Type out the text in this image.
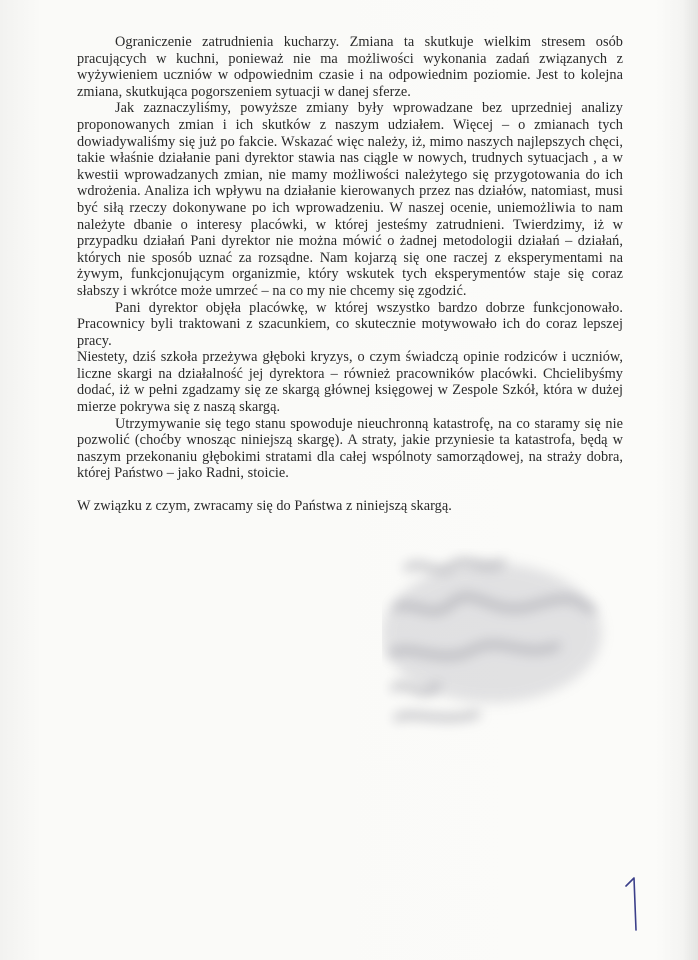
Ograniczenie zatrudnienia kucharzy. Zmiana ta skutkuje wielkim stresem osób pracujących w kuchni, ponieważ nie ma możliwości wykonania zadań związanych z wyżywieniem uczniów w odpowiednim czasie i na odpowiednim poziomie. Jest to kolejna zmiana, skutkująca pogorszeniem sytuacji w danej sferze.

Jak zaznaczyliśmy, powyższe zmiany były wprowadzane bez uprzedniej analizy proponowanych zmian i ich skutków z naszym udziałem. Więcej – o zmianach tych dowiadywaliśmy się już po fakcie. Wskazać więc należy, iż, mimo naszych najlepszych chęci, takie właśnie działanie pani dyrektor stawia nas ciągle w nowych, trudnych sytuacjach , a w kwestii wprowadzanych zmian, nie mamy możliwości należytego się przygotowania do ich wdrożenia. Analiza ich wpływu na działanie kierowanych przez nas działów, natomiast, musi być siłą rzeczy dokonywane po ich wprowadzeniu. W naszej ocenie, uniemożliwia to nam należyte dbanie o interesy placówki, w której jesteśmy zatrudnieni. Twierdzimy, iż w przypadku działań Pani dyrektor nie można mówić o żadnej metodologii działań – działań, których nie sposób uznać za rozsądne. Nam kojarzą się one raczej z eksperymentami na żywym, funkcjonującym organizmie, który wskutek tych eksperymentów staje się coraz słabszy i wkrótce może umrzeć – na co my nie chcemy się zgodzić.

Pani dyrektor objęła placówkę, w której wszystko bardzo dobrze funkcjonowało. Pracownicy byli traktowani z szacunkiem, co skutecznie motywowało ich do coraz lepszej pracy.

Niestety, dziś szkoła przeżywa głęboki kryzys, o czym świadczą opinie rodziców i uczniów, liczne skargi na działalność jej dyrektora – również pracowników placówki. Chcielibyśmy dodać, iż w pełni zgadzamy się ze skargą głównej księgowej w Zespole Szkół, która w dużej mierze pokrywa się z naszą skargą.

Utrzymywanie się tego stanu spowoduje nieuchronną katastrofę, na co staramy się nie pozwolić (choćby wnosząc niniejszą skargę). A straty, jakie przyniesie ta katastrofa, będą w naszym przekonaniu głębokimi stratami dla całej wspólnoty samorządowej, na straży dobra, której Państwo – jako Radni, stoicie.

W związku z czym, zwracamy się do Państwa z niniejszą skargą.
